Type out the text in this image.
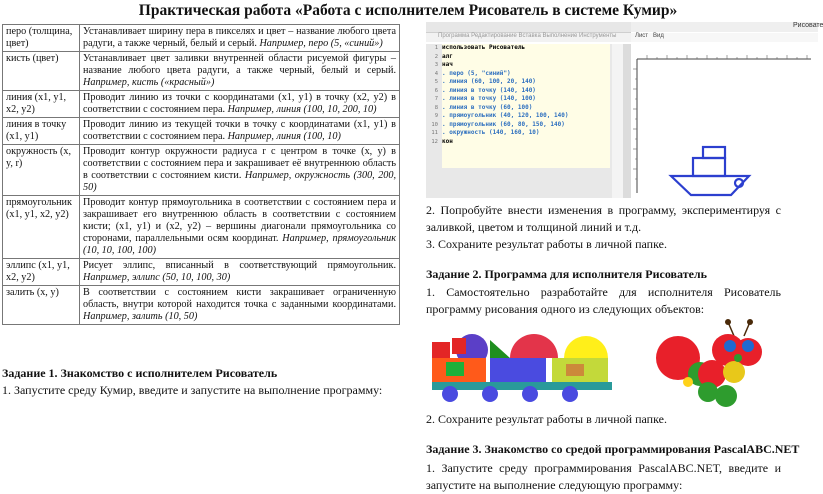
Практическая работа «Работа с исполнителем Рисователь в системе Кумир»
перо (толщина, цвет)	Устанавливает ширину пера в пикселях и цвет – название любого цвета радуги, а также черный, белый и серый. Например, перо (5, «синий»)
кисть (цвет)	Устанавливает цвет заливки внутренней области рисуемой фигуры – название любого цвета радуги, а также черный, белый и серый. Например, кисть («красный»)
линия (x1, y1, x2, y2)	Проводит линию из точки с координатами (x1, y1) в точку (x2, y2) в соответствии с состоянием пера. Например, линия (100, 10, 200, 10)
линия в точку (x1, y1)	Проводит линию из текущей точки в точку с координатами (x1, y1) в соответствии с состоянием пера. Например, линия (100, 10)
окружность (x, y, r)	Проводит контур окружности радиуса r с центром в точке (x, y) в соответствии с состоянием пера и закрашивает её внутреннюю область в соответствии с состоянием кисти. Например, окружность (300, 200, 50)
прямоугольник (x1, y1, x2, y2)	Проводит контур прямоугольника в соответствии с состоянием пера и закрашивает его внутреннюю область в соответствии с состоянием кисти; (x1, y1) и (x2, y2) – вершины диагонали прямоугольника со сторонами, параллельными осям координат. Например, прямоугольник (10, 10, 100, 100)
эллипс (x1, y1, x2, y2)	Рисует эллипс, вписанный в соответствующий прямоугольник. Например, эллипс (50, 10, 100, 30)
залить (x, y)	В соответствии с состоянием кисти закрашивает ограниченную область, внутри которой находится точка с заданными координатами. Например, залить (10, 50)
Задание 1. Знакомство с исполнителем Рисователь
1. Запустите среду Кумир, введите и запустите на выполнение программу:
Программа Редактирование Вставка Выполнение Инструменты
1
2
3
4
5
6
7
8
9
10
11
12
использовать Рисователь
алг
нач
. перо (5, "синий")
. линия (60, 100, 20, 140)
. линия в точку (140, 140)
. линия в точку (140, 100)
. линия в точку (60, 100)
. прямоугольник (40, 120, 100, 140)
. прямоугольник (60, 80, 150, 140)
. окружность (140, 160, 10)
кон
Рисовате
Лист Вид
2. Попробуйте внести изменения в программу, экспериментируя с заливкой, цветом и толщиной линий и т.д.
3. Сохраните результат работы в личной папке.
Задание 2. Программа для исполнителя Рисователь
1. Самостоятельно разработайте для исполнителя Рисователь программу рисования одного из следующих объектов:
2. Сохраните результат работы в личной папке.
Задание 3. Знакомство со средой программирования PascalABC.NET
1. Запустите среду программирования PascalABC.NET, введите и запустите на выполнение следующую программу:
